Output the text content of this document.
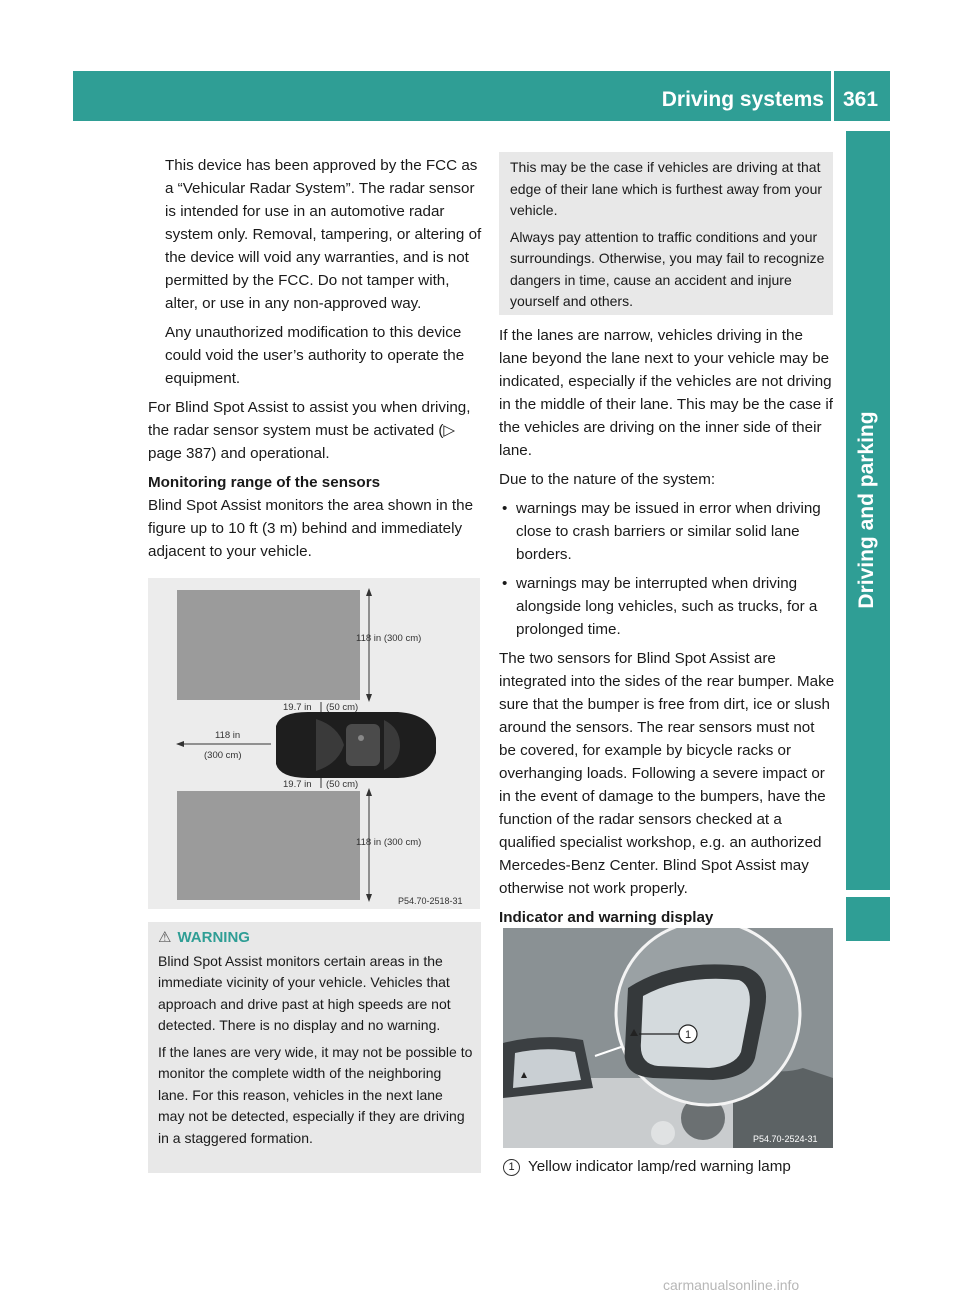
Driving systems 361
Driving and parking

This device has been approved by the FCC as a “Vehicular Radar System”. The radar sensor is intended for use in an automotive radar system only. Removal, tampering, or altering of the device will void any warranties, and is not permitted by the FCC. Do not tamper with, alter, or use in any non-approved way.

Any unauthorized modification to this device could void the user’s authority to operate the equipment.

For Blind Spot Assist to assist you when driving, the radar sensor system must be activated (▷ page 387) and operational.

Monitoring range of the sensors

Blind Spot Assist monitors the area shown in the figure up to 10 ft (3 m) behind and immediately adjacent to your vehicle.

118 in (300 cm)
19.7 in (50 cm)
118 in
(300 cm)
19.7 in (50 cm)
118 in (300 cm)
P54.70-2518-31

⚠ WARNING

Blind Spot Assist monitors certain areas in the immediate vicinity of your vehicle. Vehicles that approach and drive past at high speeds are not detected. There is no display and no warning.

If the lanes are very wide, it may not be possible to monitor the complete width of the neighboring lane. For this reason, vehicles in the next lane may not be detected, especially if they are driving in a staggered formation.

This may be the case if vehicles are driving at that edge of their lane which is furthest away from your vehicle.

Always pay attention to traffic conditions and your surroundings. Otherwise, you may fail to recognize dangers in time, cause an accident and injure yourself and others.

If the lanes are narrow, vehicles driving in the lane beyond the lane next to your vehicle may be indicated, especially if the vehicles are not driving in the middle of their lane. This may be the case if the vehicles are driving on the inner side of their lane.

Due to the nature of the system:

• warnings may be issued in error when driving close to crash barriers or similar solid lane borders.

• warnings may be interrupted when driving alongside long vehicles, such as trucks, for a prolonged time.

The two sensors for Blind Spot Assist are integrated into the sides of the rear bumper. Make sure that the bumper is free from dirt, ice or slush around the sensors. The rear sensors must not be covered, for example by bicycle racks or overhanging loads. Following a severe impact or in the event of damage to the bumpers, have the function of the radar sensors checked at a qualified specialist workshop, e.g. an authorized Mercedes-Benz Center. Blind Spot Assist may otherwise not work properly.

Indicator and warning display

1
P54.70-2524-31
1 Yellow indicator lamp/red warning lamp
carmanualsonline.info
